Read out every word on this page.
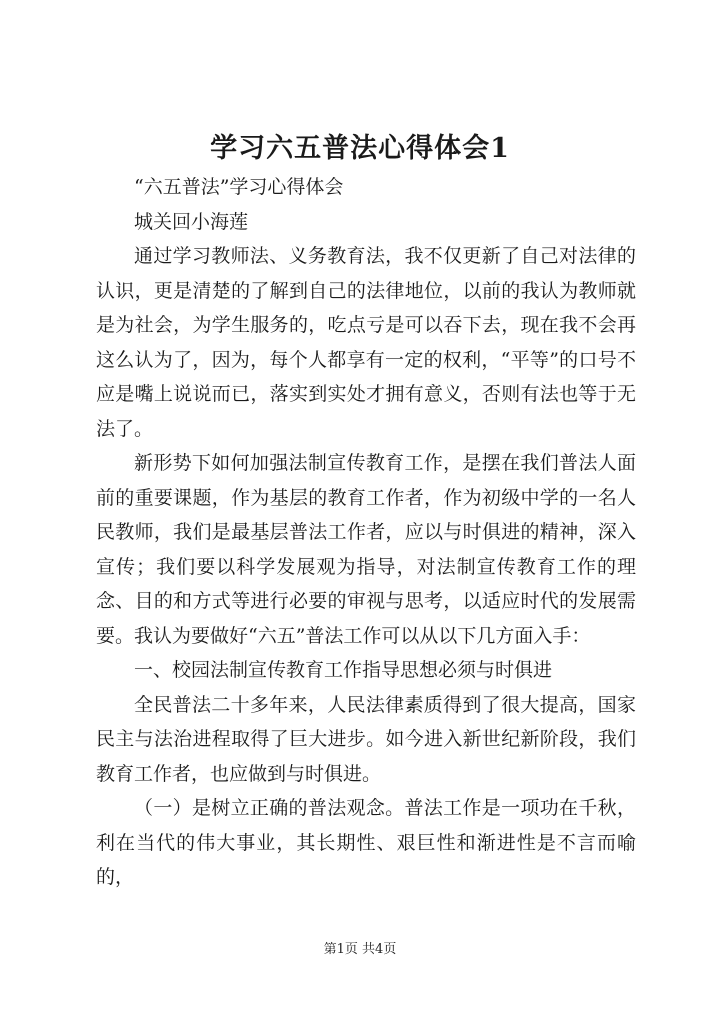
学习六五普法心得体会1

“六五普法”学习心得体会

城关回小海莲

通过学习教师法、义务教育法，我不仅更新了自己对法律的认识，更是清楚的了解到自己的法律地位，以前的我认为教师就是为社会，为学生服务的，吃点亏是可以吞下去，现在我不会再这么认为了，因为，每个人都享有一定的权利，“平等”的口号不应是嘴上说说而已，落实到实处才拥有意义，否则有法也等于无法了。

新形势下如何加强法制宣传教育工作，是摆在我们普法人面前的重要课题，作为基层的教育工作者，作为初级中学的一名人民教师，我们是最基层普法工作者，应以与时俱进的精神，深入宣传；我们要以科学发展观为指导，对法制宣传教育工作的理念、目的和方式等进行必要的审视与思考，以适应时代的发展需要。我认为要做好“六五”普法工作可以从以下几方面入手：

一、校园法制宣传教育工作指导思想必须与时俱进

全民普法二十多年来，人民法律素质得到了很大提高，国家民主与法治进程取得了巨大进步。如今进入新世纪新阶段，我们教育工作者，也应做到与时俱进。

（一）是树立正确的普法观念。普法工作是一项功在千秋，利在当代的伟大事业，其长期性、艰巨性和渐进性是不言而喻的，

第1页 共4页
